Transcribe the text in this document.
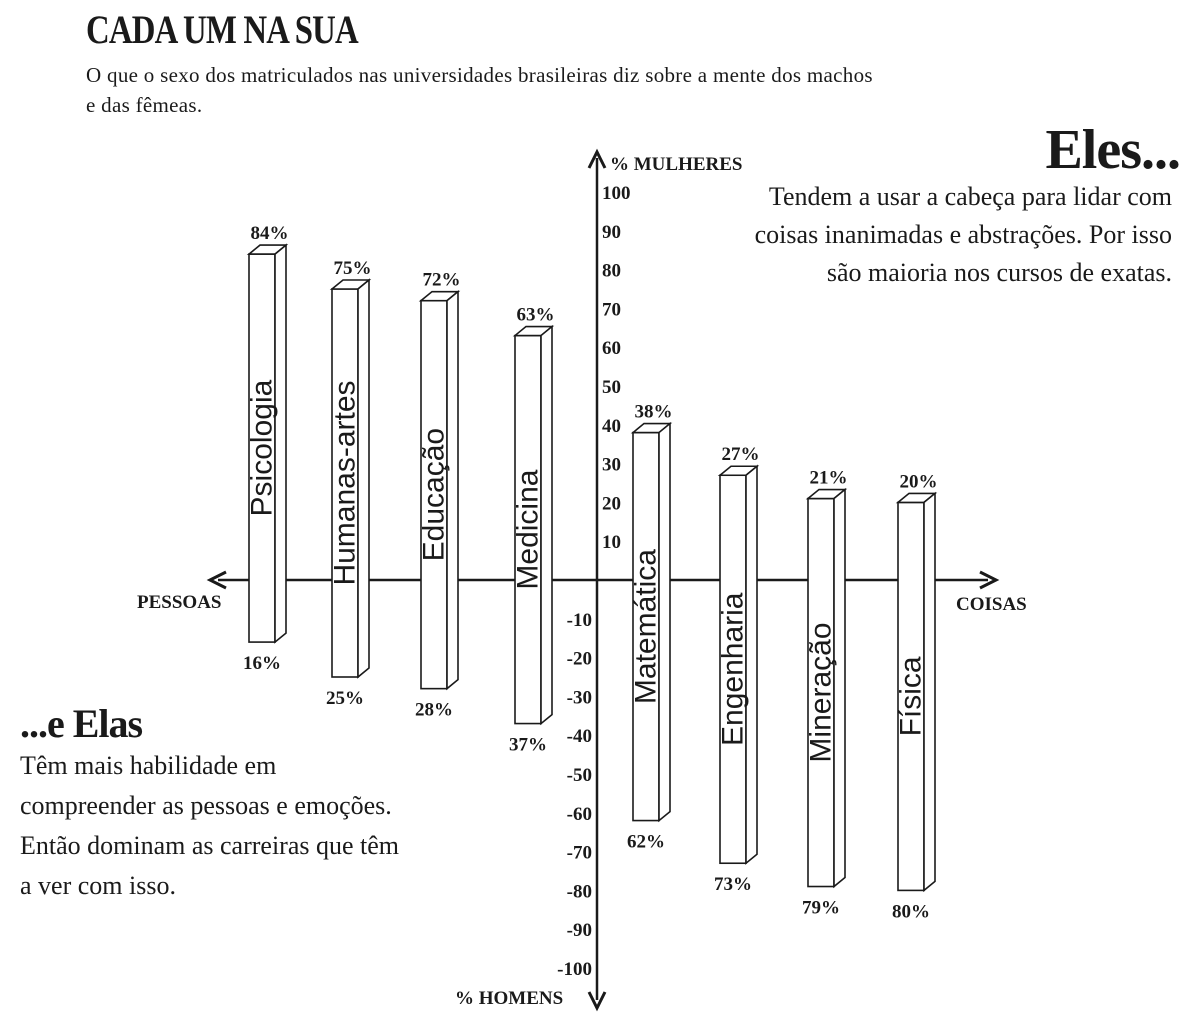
CADA UM NA SUA

O que o sexo dos matriculados nas universidades brasileiras diz sobre a mente dos machos e das fêmeas.

Eles...

Tendem a usar a cabeça para lidar com coisas inanimadas e abstrações. Por isso são maioria nos cursos de exatas.

...e Elas

Têm mais habilidade em compreender as pessoas e emoções. Então dominam as carreiras que têm a ver com isso.

% MULHERES
% HOMENS
PESSOAS	COISAS
100
90
80
70
60
50
40
30
20
10
-10
-20
-30
-40
-50
-60
-70
-80
-90
-100
Psicologia
84%
16%
Humanas-artes
75%
25%
Educação
72%
28%
Medicina
63%
37%
Matemática
38%
62%
Engenharia
27%
73%
Mineração
21%
79%
Física
20%
80%
